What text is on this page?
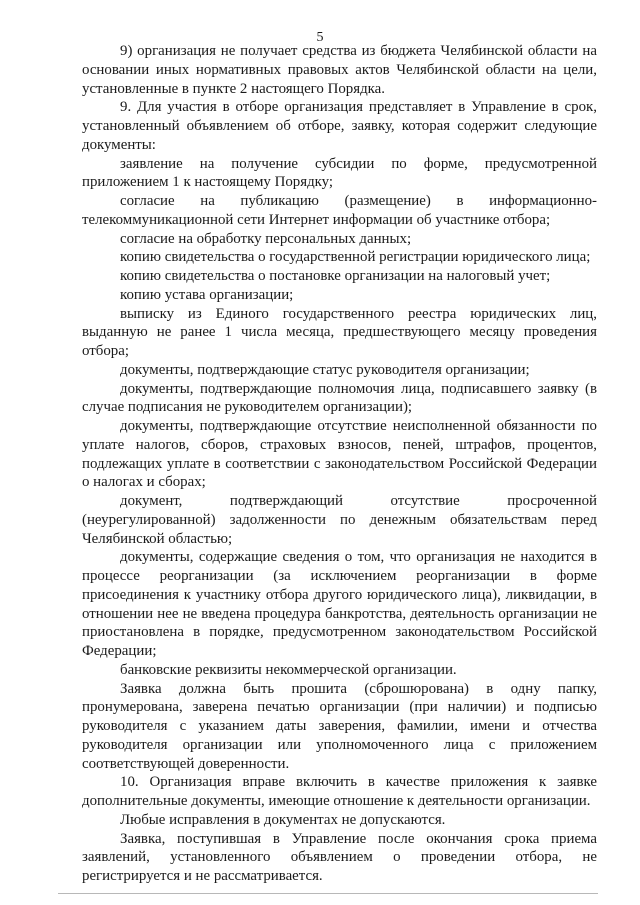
5

9) организация не получает средства из бюджета Челябинской области на основании иных нормативных правовых актов Челябинской области на цели, установленные в пункте 2 настоящего Порядка.

9. Для участия в отборе организация представляет в Управление в срок, установленный объявлением об отборе, заявку, которая содержит следующие документы:

заявление на получение субсидии по форме, предусмотренной приложением 1 к настоящему Порядку;

согласие на публикацию (размещение) в информационно-телекоммуникационной сети Интернет информации об участнике отбора;

согласие на обработку персональных данных;

копию свидетельства о государственной регистрации юридического лица;

копию свидетельства о постановке организации на налоговый учет;

копию устава организации;

выписку из Единого государственного реестра юридических лиц, выданную не ранее 1 числа месяца, предшествующего месяцу проведения отбора;

документы, подтверждающие статус руководителя организации;

документы, подтверждающие полномочия лица, подписавшего заявку (в случае подписания не руководителем организации);

документы, подтверждающие отсутствие неисполненной обязанности по уплате налогов, сборов, страховых взносов, пеней, штрафов, процентов, подлежащих уплате в соответствии с законодательством Российской Федерации о налогах и сборах;

документ, подтверждающий отсутствие просроченной (неурегулированной) задолженности по денежным обязательствам перед Челябинской областью;

документы, содержащие сведения о том, что организация не находится в процессе реорганизации (за исключением реорганизации в форме присоединения к участнику отбора другого юридического лица), ликвидации, в отношении нее не введена процедура банкротства, деятельность организации не приостановлена в порядке, предусмотренном законодательством Российской Федерации;

банковские реквизиты некоммерческой организации.

Заявка должна быть прошита (сброшюрована) в одну папку, пронумерована, заверена печатью организации (при наличии) и подписью руководителя с указанием даты заверения, фамилии, имени и отчества руководителя организации или уполномоченного лица с приложением соответствующей доверенности.

10. Организация вправе включить в качестве приложения к заявке дополнительные документы, имеющие отношение к деятельности организации.

Любые исправления в документах не допускаются.

Заявка, поступившая в Управление после окончания срока приема заявлений, установленного объявлением о проведении отбора, не регистрируется и не рассматривается.
